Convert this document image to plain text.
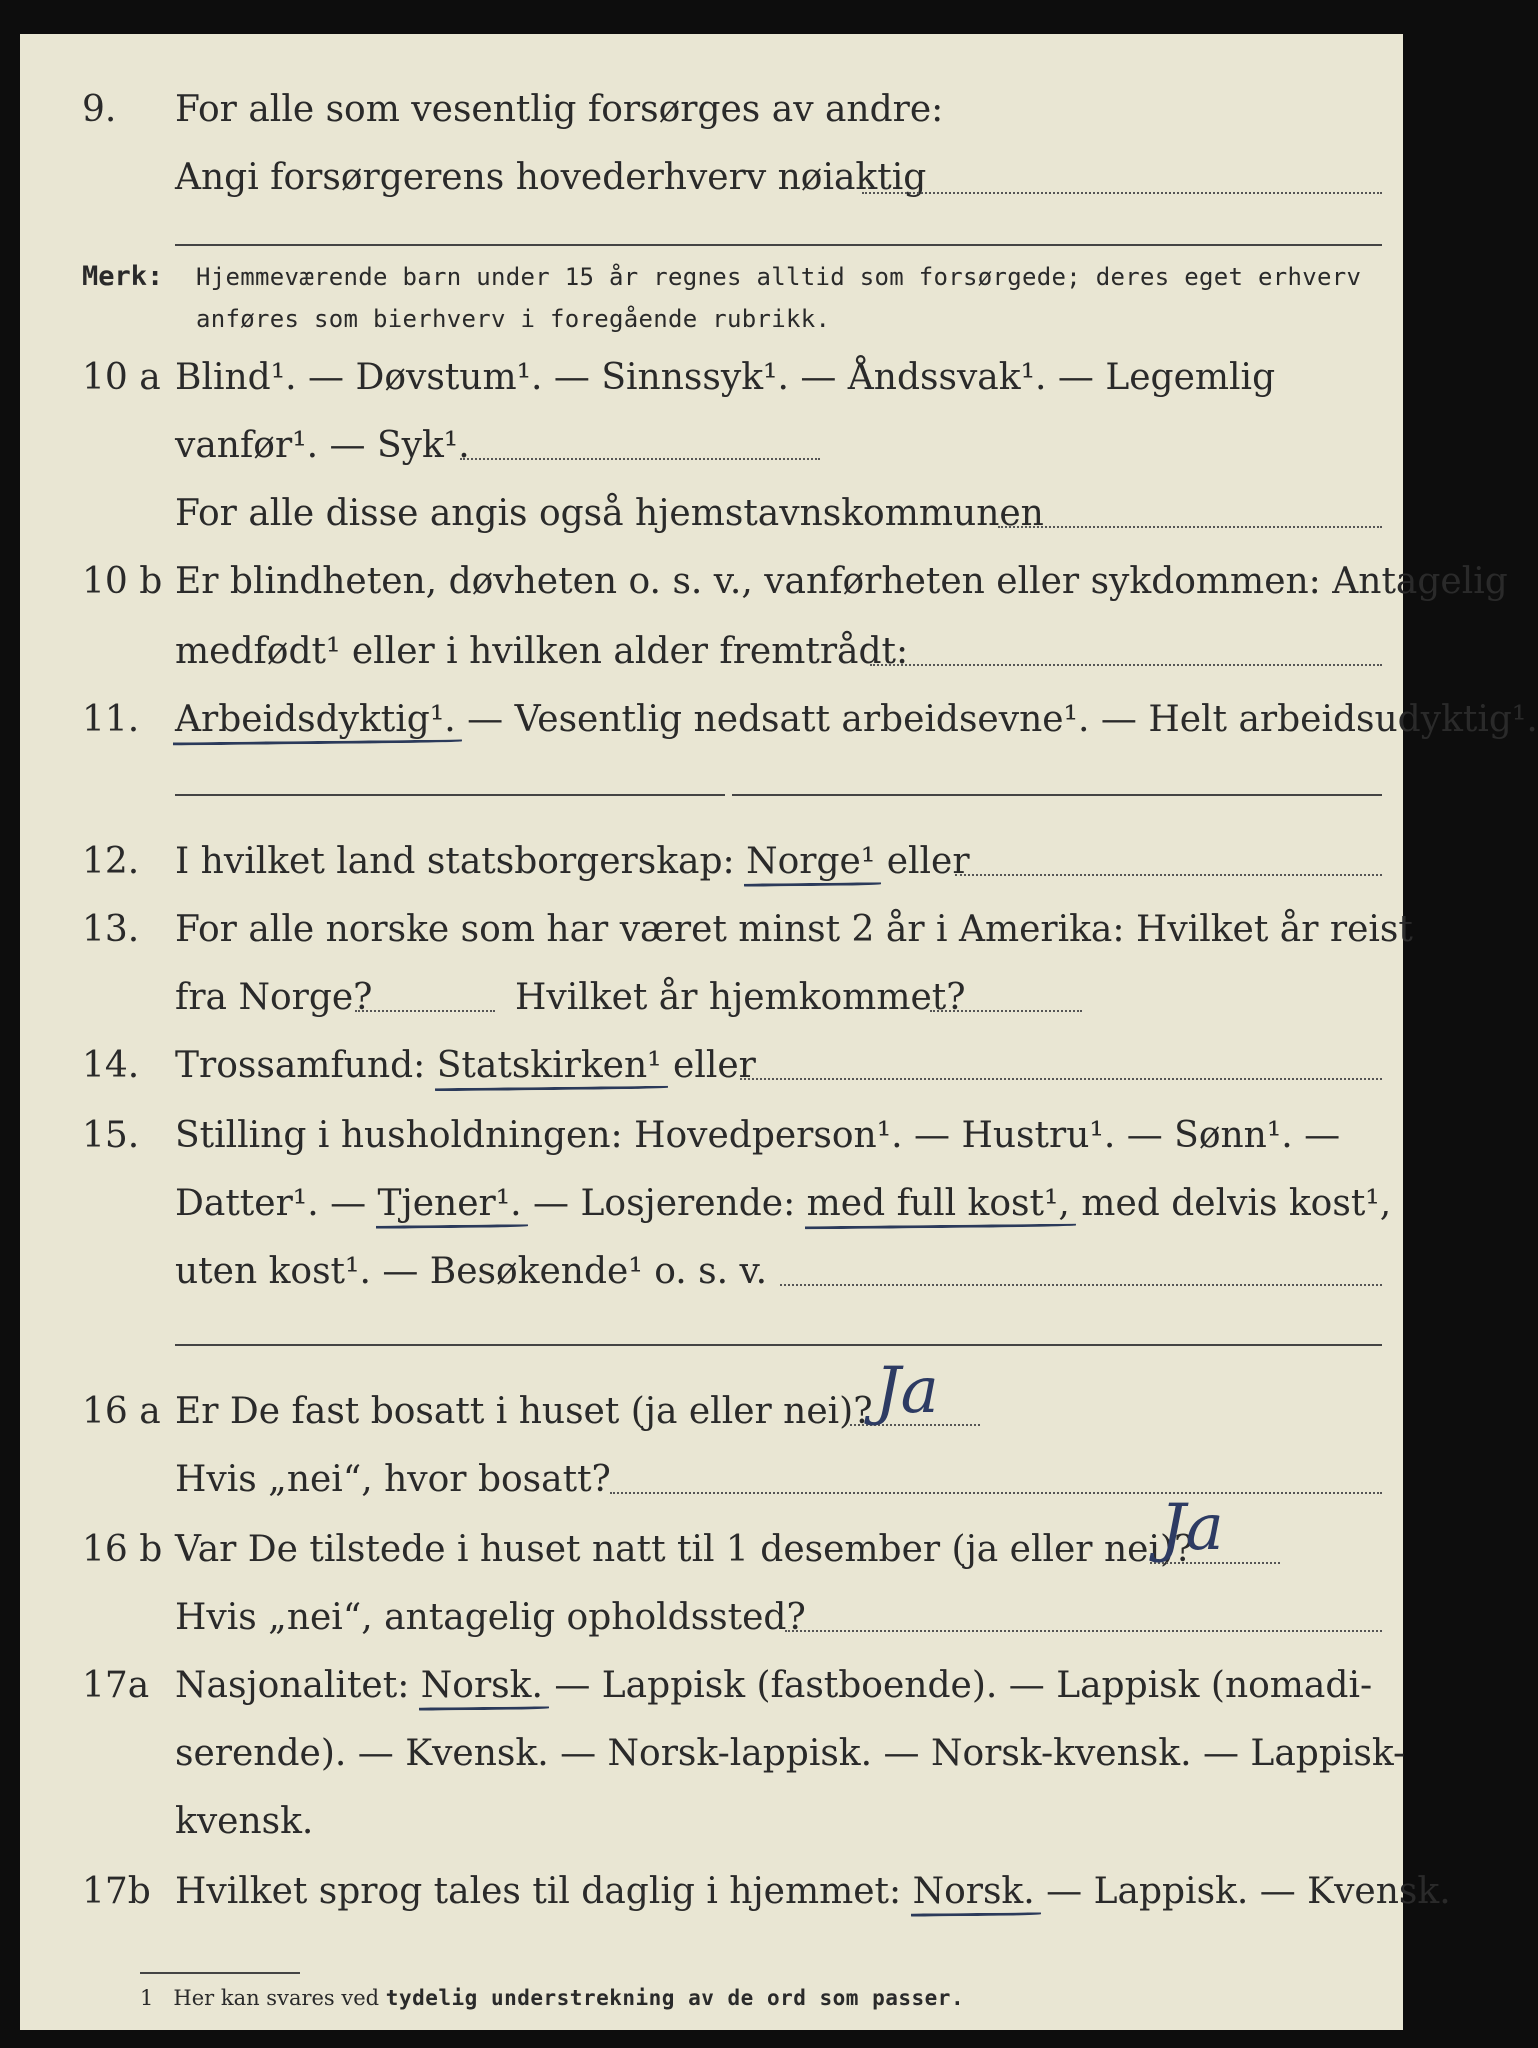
9. For alle som vesentlig forsørges av andre:
Angi forsørgerens hovederhverv nøiaktig
Merk: Hjemmeværende barn under 15 år regnes alltid som forsørgede; deres eget erhverv anføres som bierhverv i foregående rubrikk.
10 a Blind¹. — Døvstum¹. — Sinnssyk¹. — Åndssvak¹. — Legemlig
vanfør¹. — Syk¹.
For alle disse angis også hjemstavnskommunen
10 b Er blindheten, døvheten o. s. v., vanførheten eller sykdommen: Antagelig
medfødt¹ eller i hvilken alder fremtrådt:
11. Arbeidsdyktig¹. — Vesentlig nedsatt arbeidsevne¹. — Helt arbeidsudyktig¹.
12. I hvilket land statsborgerskap: Norge¹ eller
13. For alle norske som har været minst 2 år i Amerika: Hvilket år reist
fra Norge?	Hvilket år hjemkommet?
14. Trossamfund: Statskirken¹ eller
15. Stilling i husholdningen: Hovedperson¹. — Hustru¹. — Sønn¹. —
Datter¹. — Tjener¹. — Losjerende: med full kost¹, med delvis kost¹,
uten kost¹. — Besøkende¹ o. s. v.
16 a Er De fast bosatt i huset (ja eller nei)? Ja
Hvis „nei“, hvor bosatt?
16 b Var De tilstede i huset natt til 1 desember (ja eller nei)?
Ja
Hvis „nei“, antagelig opholdssted?
17a Nasjonalitet: Norsk. — Lappisk (fastboende). — Lappisk (nomadi-
serende). — Kvensk. — Norsk-lappisk. — Norsk-kvensk. — Lappisk-
kvensk.
17b Hvilket sprog tales til daglig i hjemmet: Norsk. — Lappisk. — Kvensk.
1 Her kan svares ved tydelig understrekning av de ord som passer.
